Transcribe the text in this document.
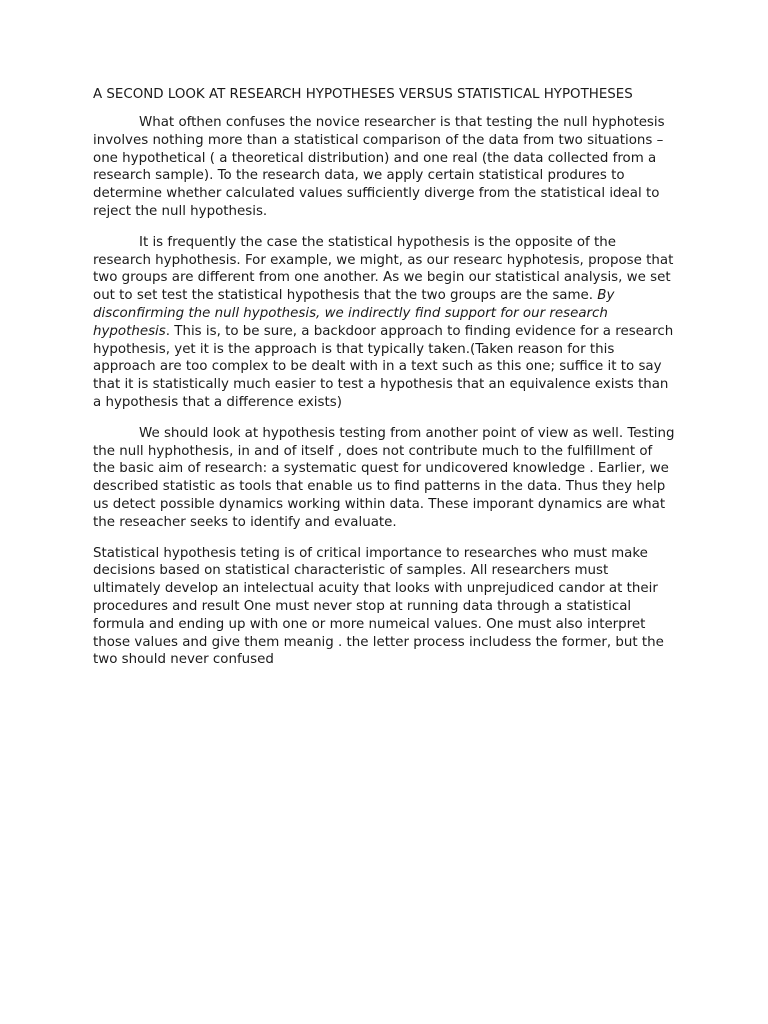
A SECOND LOOK AT RESEARCH HYPOTHESES VERSUS STATISTICAL HYPOTHESES

What ofthen confuses the novice researcher is that testing the null hyphotesis involves nothing more than a statistical comparison of the data from two situations – one hypothetical ( a theoretical distribution) and one real (the data collected from a research sample). To the research data, we apply certain statistical produres to determine whether calculated values sufficiently diverge from the statistical ideal to reject the null hypothesis.

It is frequently the case the statistical hypothesis is the opposite of the research hyphothesis. For example, we might, as our researc hyphotesis, propose that two groups are different from one another. As we begin our statistical analysis, we set out to set test the statistical hypothesis that the two groups are the same. By disconfirming the null hypothesis, we indirectly find support for our research hypothesis. This is, to be sure, a backdoor approach to finding evidence for a research hypothesis, yet it is the approach is that typically taken.(Taken reason for this approach are too complex to be dealt with in a text such as this one; suffice it to say that it is statistically much easier to test a hypothesis that an equivalence exists than a hypothesis that a difference exists)

We should look at hypothesis testing from another point of view as well. Testing the null hyphothesis, in and of itself , does not contribute much to the fulfillment of the basic aim of research: a systematic quest for undicovered knowledge . Earlier, we described statistic as tools that enable us to find patterns in the data. Thus they help us detect possible dynamics working within data. These imporant dynamics are what the reseacher seeks to identify and evaluate.

Statistical hypothesis teting is of critical importance to researches who must make decisions based on statistical characteristic of samples. All researchers must ultimately develop an intelectual acuity that looks with unprejudiced candor at their procedures and result One must never stop at running data through a statistical formula and ending up with one or more numeical values. One must also interpret those values and give them meanig . the letter process includess the former, but the two should never confused
